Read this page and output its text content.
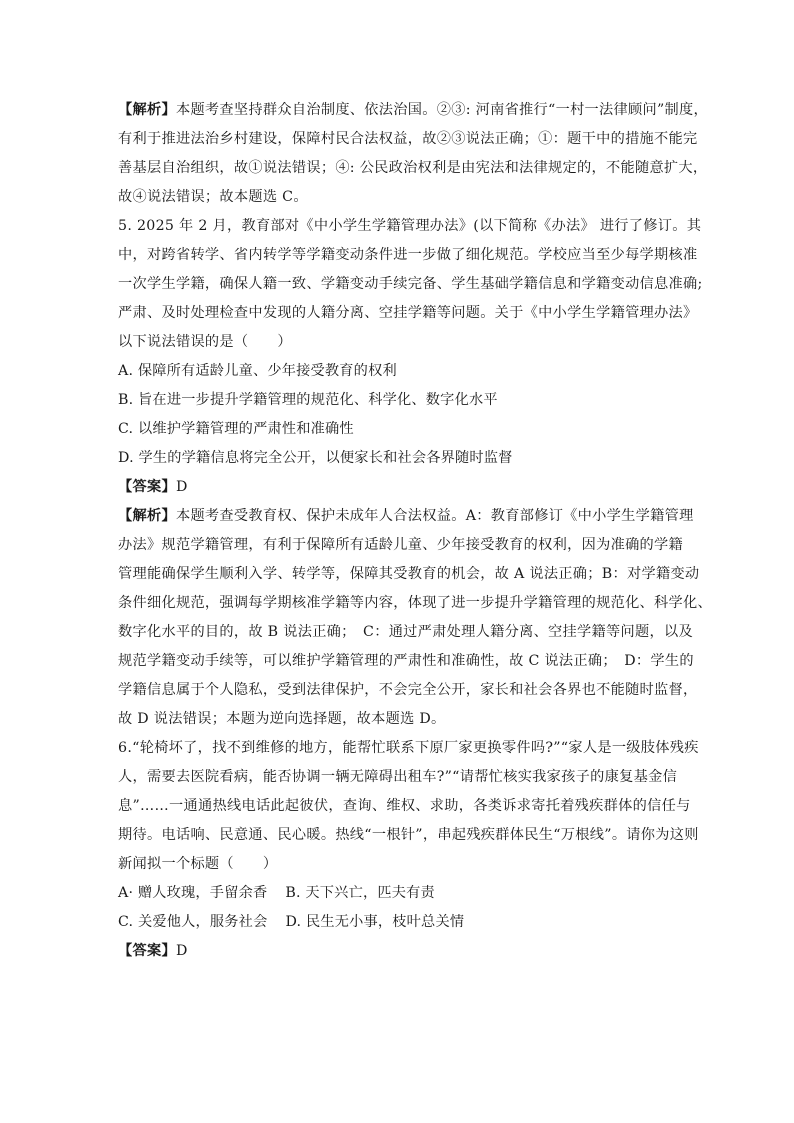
【解析】本题考查坚持群众自治制度、依法治国。②③: 河南省推行“一村一法律顾问”制度，
有利于推进法治乡村建设，保障村民合法权益，故②③说法正确；①：题干中的措施不能完
善基层自治组织，故①说法错误；④: 公民政治权利是由宪法和法律规定的，不能随意扩大，
故④说法错误；故本题选 C。
5. 2025 年 2 月，教育部对《中小学生学籍管理办法》(以下简称《办法》 进行了修订。其
中，对跨省转学、省内转学等学籍变动条件进一步做了细化规范。学校应当至少每学期核准
一次学生学籍，确保人籍一致、学籍变动手续完备、学生基础学籍信息和学籍变动信息准确;
严肃、及时处理检查中发现的人籍分离、空挂学籍等问题。关于《中小学生学籍管理办法》
以下说法错误的是（　　）
A. 保障所有适龄儿童、少年接受教育的权利
B. 旨在进一步提升学籍管理的规范化、科学化、数字化水平
C. 以维护学籍管理的严肃性和准确性
D. 学生的学籍信息将完全公开，以便家长和社会各界随时监督
【答案】D
【解析】本题考查受教育权、保护未成年人合法权益。A：教育部修订《中小学生学籍管理
办法》规范学籍管理，有利于保障所有适龄儿童、少年接受教育的权利，因为准确的学籍
管理能确保学生顺利入学、转学等，保障其受教育的机会，故 A 说法正确；B：对学籍变动
条件细化规范，强调每学期核准学籍等内容，体现了进一步提升学籍管理的规范化、科学化、
数字化水平的目的，故 B 说法正确；　C：通过严肃处理人籍分离、空挂学籍等问题，以及
规范学籍变动手续等，可以维护学籍管理的严肃性和准确性，故 C 说法正确；　D：学生的
学籍信息属于个人隐私，受到法律保护，不会完全公开，家长和社会各界也不能随时监督，
故 D 说法错误；本题为逆向选择题，故本题选 D。
6.“轮椅坏了，找不到维修的地方，能帮忙联系下原厂家更换零件吗?”“家人是一级肢体残疾
人，需要去医院看病，能否协调一辆无障碍出租车?”“请帮忙核实我家孩子的康复基金信
息”……一通通热线电话此起彼伏，查询、维权、求助，各类诉求寄托着残疾群体的信任与
期待。电话响、民意通、民心暖。热线“一根针”，串起残疾群体民生“万根线”。请你为这则
新闻拟一个标题（　　）
A· 赠人玫瑰，手留余香 B. 天下兴亡，匹夫有责
C. 关爱他人，服务社会 D. 民生无小事，枝叶总关情
【答案】D
